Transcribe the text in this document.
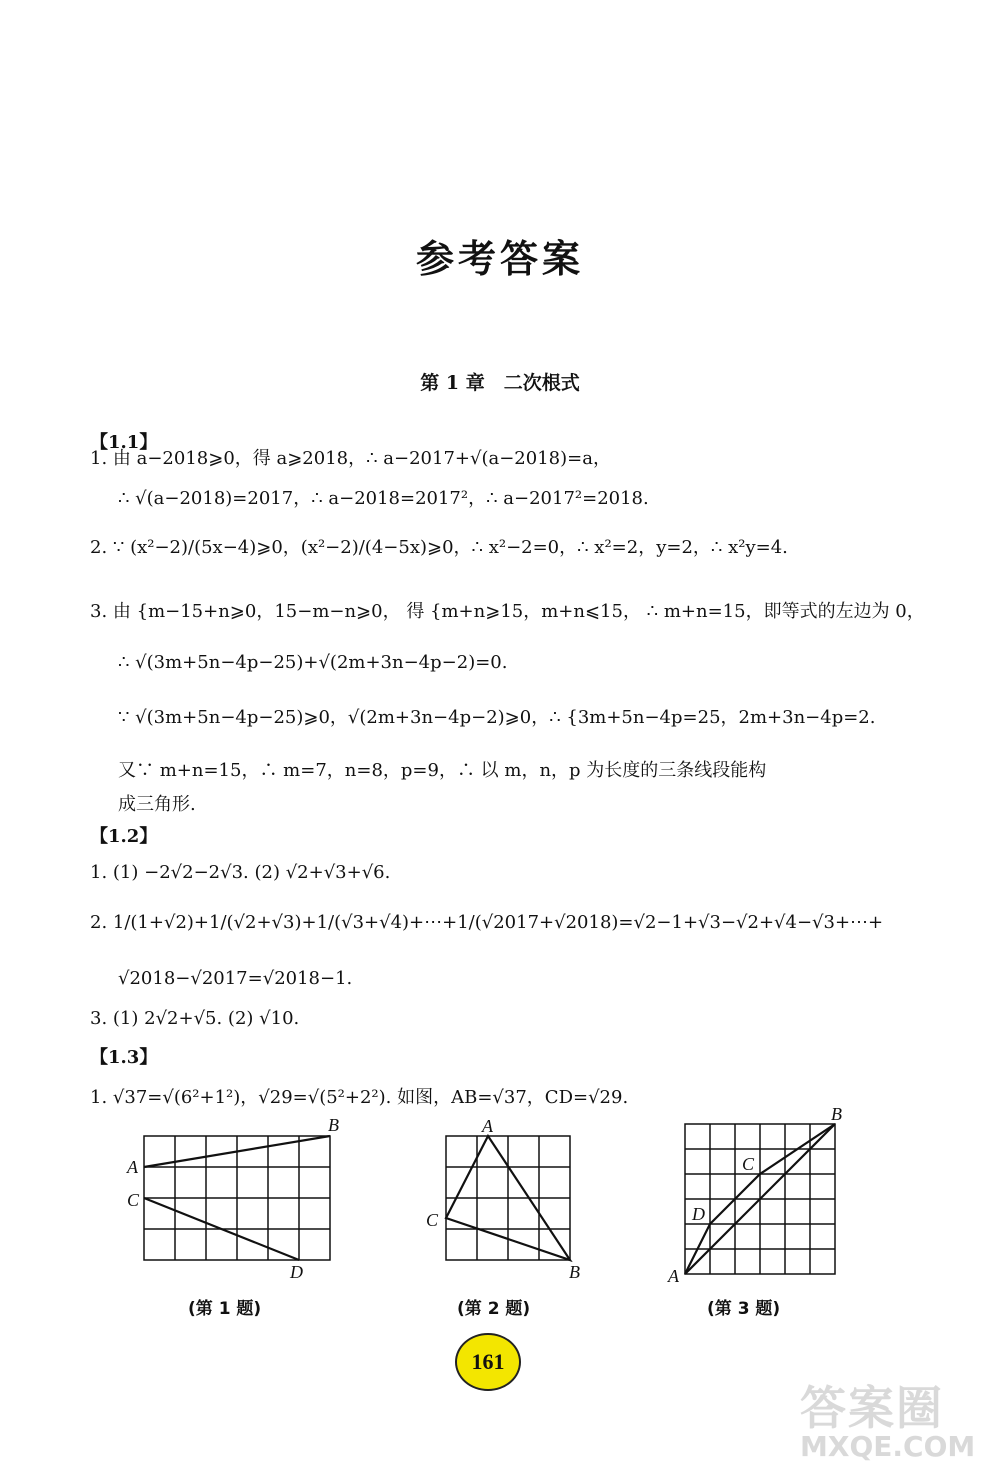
参考答案
第 1 章　二次根式
【1.1】
1. 由 a−2018⩾0，得 a⩾2018，∴ a−2017+√(a−2018)=a，
∴ √(a−2018)=2017，∴ a−2018=2017²，∴ a−2017²=2018.
2. ∵ (x²−2)/(5x−4)⩾0，(x²−2)/(4−5x)⩾0，∴ x²−2=0，∴ x²=2，y=2，∴ x²y=4.
3. 由 {m−15+n⩾0，15−m−n⩾0， 得 {m+n⩾15，m+n⩽15， ∴ m+n=15，即等式的左边为 0，
∴ √(3m+5n−4p−25)+√(2m+3n−4p−2)=0.
∵ √(3m+5n−4p−25)⩾0，√(2m+3n−4p−2)⩾0，∴ {3m+5n−4p=25，2m+3n−4p=2.
又∵ m+n=15，∴ m=7，n=8，p=9，∴ 以 m，n，p 为长度的三条线段能构
成三角形.
【1.2】
1. (1) −2√2−2√3. (2) √2+√3+√6.
2. 1/(1+√2)+1/(√2+√3)+1/(√3+√4)+⋯+1/(√2017+√2018)=√2−1+√3−√2+√4−√3+⋯+
√2018−√2017=√2018−1.
3. (1) 2√2+√5. (2) √10.
【1.3】
1. √37=√(6²+1²)，√29=√(5²+2²). 如图，AB=√37，CD=√29.
A
B
C
D
(第 1 题)
A
B
C
(第 2 题)
A
B
C
D
(第 3 题)
161
答案圈
MXQE.COM
